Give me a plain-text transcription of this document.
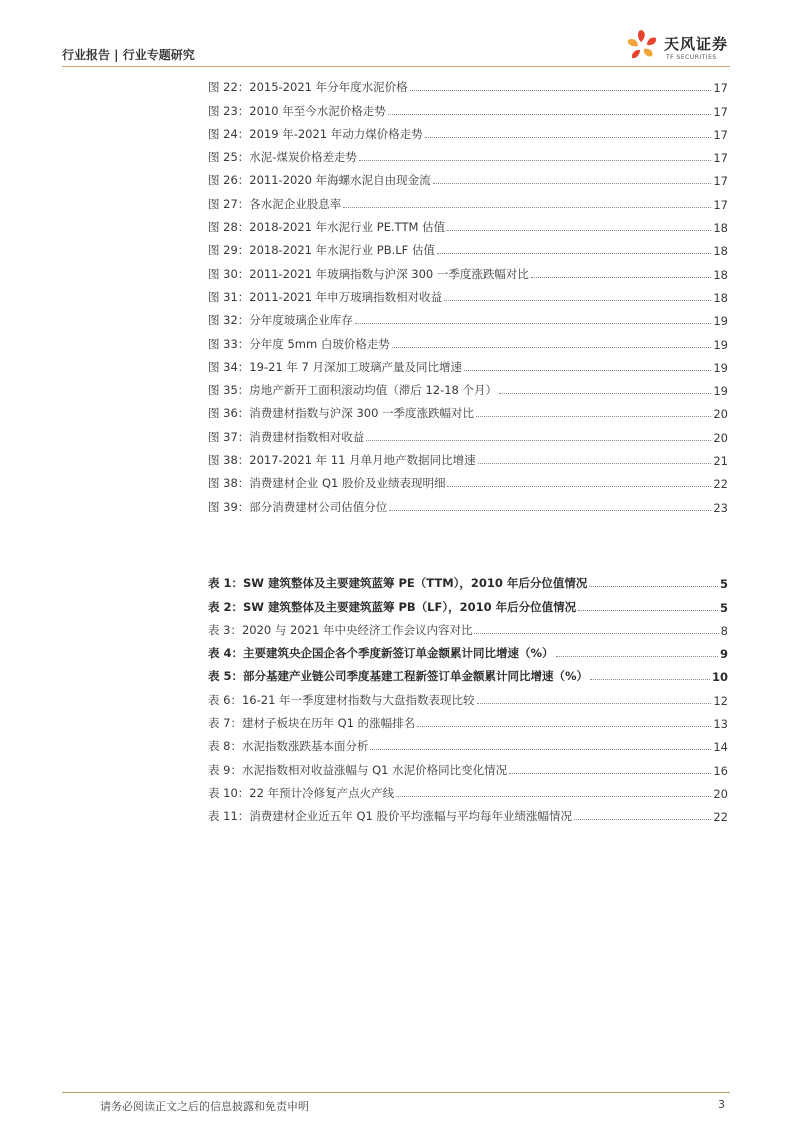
行业报告 | 行业专题研究
天风证券
TF SECURITIES
图 22：2015-2021 年分年度水泥价格	17
图 23：2010 年至今水泥价格走势	17
图 24：2019 年-2021 年动力煤价格走势	17
图 25：水泥-煤炭价格差走势	17
图 26：2011-2020 年海螺水泥自由现金流	17
图 27：各水泥企业股息率	17
图 28：2018-2021 年水泥行业 PE.TTM 估值	18
图 29：2018-2021 年水泥行业 PB.LF 估值	18
图 30：2011-2021 年玻璃指数与沪深 300 一季度涨跌幅对比	18
图 31：2011-2021 年申万玻璃指数相对收益	18
图 32：分年度玻璃企业库存	19
图 33：分年度 5mm 白玻价格走势	19
图 34：19-21 年 7 月深加工玻璃产量及同比增速	19
图 35：房地产新开工面积滚动均值（滞后 12-18 个月）	19
图 36：消费建材指数与沪深 300 一季度涨跌幅对比	20
图 37：消费建材指数相对收益	20
图 38：2017-2021 年 11 月单月地产数据同比增速	21
图 38：消费建材企业 Q1 股价及业绩表现明细	22
图 39：部分消费建材公司估值分位	23
表 1：SW 建筑整体及主要建筑蓝筹 PE（TTM），2010 年后分位值情况	5
表 2：SW 建筑整体及主要建筑蓝筹 PB（LF），2010 年后分位值情况	5
表 3：2020 与 2021 年中央经济工作会议内容对比	8
表 4：主要建筑央企国企各个季度新签订单金额累计同比增速（%）	9
表 5：部分基建产业链公司季度基建工程新签订单金额累计同比增速（%）	10
表 6：16-21 年一季度建材指数与大盘指数表现比较	12
表 7：建材子板块在历年 Q1 的涨幅排名	13
表 8：水泥指数涨跌基本面分析	14
表 9：水泥指数相对收益涨幅与 Q1 水泥价格同比变化情况	16
表 10：22 年预计冷修复产点火产线	20
表 11：消费建材企业近五年 Q1 股价平均涨幅与平均每年业绩涨幅情况	22
请务必阅读正文之后的信息披露和免责申明	3
